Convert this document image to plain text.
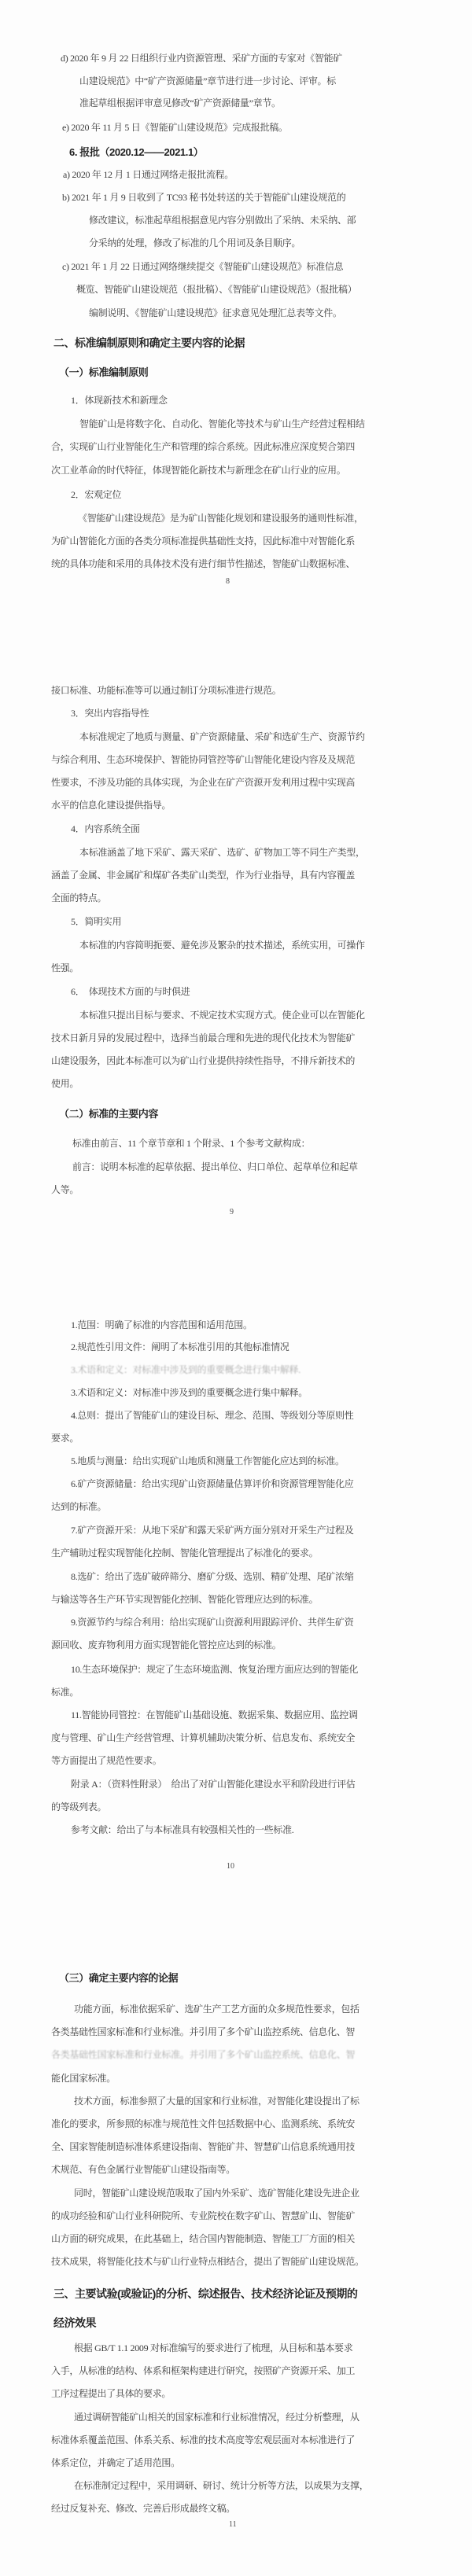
d) 2020 年 9 月 22 日组织行业内资源管理、采矿方面的专家对《智能矿
山建设规范》中“矿产资源储量”章节进行进一步讨论、评审。标
准起草组根据评审意见修改“矿产资源储量”章节。
e) 2020 年 11 月 5 日《智能矿山建设规范》完成报批稿。
6. 报批（2020.12——2021.1）
a) 2020 年 12 月 1 日通过网络走报批流程。
b) 2021 年 1 月 9 日收到了 TC93 秘书处转送的关于智能矿山建设规范的
修改建议，标准起草组根据意见内容分别做出了采纳、未采纳、部
分采纳的处理，修改了标准的几个用词及条目顺序。
c) 2021 年 1 月 22 日通过网络继续提交《智能矿山建设规范》标准信息
概览、智能矿山建设规范（报批稿）、《智能矿山建设规范》（报批稿）
编制说明、《智能矿山建设规范》征求意见处理汇总表等文件。
二、标准编制原则和确定主要内容的论据
（一）标准编制原则
1．体现新技术和新理念
智能矿山是将数字化、自动化、智能化等技术与矿山生产经营过程相结
合，实现矿山行业智能化生产和管理的综合系统。因此标准应深度契合第四
次工业革命的时代特征，体现智能化新技术与新理念在矿山行业的应用。
2．宏观定位
《智能矿山建设规范》是为矿山智能化规划和建设服务的通则性标准，
为矿山智能化方面的各类分项标准提供基础性支持，因此标准中对智能化系
统的具体功能和采用的具体技术没有进行细节性描述，智能矿山数据标准、
8
接口标准、功能标准等可以通过制订分项标准进行规范。
3．突出内容指导性
本标准规定了地质与测量、矿产资源储量、采矿和选矿生产、资源节约
与综合利用、生态环境保护、智能协同管控等矿山智能化建设内容及及规范
性要求，不涉及功能的具体实现，为企业在矿产资源开发利用过程中实现高
水平的信息化建设提供指导。
4．内容系统全面
本标准涵盖了地下采矿、露天采矿、选矿、矿物加工等不同生产类型，
涵盖了金属、非金属矿和煤矿各类矿山类型，作为行业指导，具有内容覆盖
全面的特点。
5．简明实用
本标准的内容简明扼要、避免涉及繁杂的技术描述，系统实用，可操作
性强。
6．  体现技术方面的与时俱进
本标准只提出目标与要求、不规定技术实现方式。使企业可以在智能化
技术日新月异的发展过程中，选择当前最合理和先进的现代化技术为智能矿
山建设服务，因此本标准可以为矿山行业提供持续性指导，不排斥新技术的
使用。
（二）标准的主要内容
标准由前言、11 个章节章和 1 个附录、1 个参考文献构成：
前言：说明本标准的起草依据、提出单位、归口单位、起草单位和起草
人等。
9
1.范围：明确了标准的内容范围和适用范围。
2.规范性引用文件：阐明了本标准引用的其他标准情况
3.术语和定义：对标准中涉及到的重要概念进行集中解释.
3.术语和定义：对标准中涉及到的重要概念进行集中解释。
4.总则：提出了智能矿山的建设目标、理念、范围、等级划分等原则性
要求。
5.地质与测量：给出实现矿山地质和测量工作智能化应达到的标准。
6.矿产资源储量：给出实现矿山资源储量估算评价和资源管理智能化应
达到的标准。
7.矿产资源开采：从地下采矿和露天采矿两方面分别对开采生产过程及
生产辅助过程实现智能化控制、智能化管理提出了标准化的要求。
8.选矿：给出了选矿破碎筛分、磨矿分级、选别、精矿处理、尾矿浓缩
与输送等各生产环节实现智能化控制、智能化管理应达到的标准。
9.资源节约与综合利用：给出实现矿山资源利用跟踪评价、共伴生矿资
源回收、废弃物利用方面实现智能化管控应达到的标准。
10.生态环境保护：规定了生态环境监测、恢复治理方面应达到的智能化
标准。
11.智能协同管控：在智能矿山基础设施、数据采集、数据应用、监控调
度与管理、矿山生产经营管理、计算机辅助决策分析、信息发布、系统安全
等方面提出了规范性要求。
附录 A：（资料性附录）  给出了对矿山智能化建设水平和阶段进行评估
的等级列表。
参考文献：给出了与本标准具有较强相关性的一些标准.
10
（三）确定主要内容的论据
功能方面，标准依据采矿、选矿生产工艺方面的众多规范性要求，包括
各类基础性国家标准和行业标准。并引用了多个矿山监控系统、信息化、智
各类基础性国家标准和行业标准。并引用了多个矿山监控系统、信息化、智
能化国家标准。
技术方面，标准参照了大量的国家和行业标准，对智能化建设提出了标
准化的要求，所参照的标准与规范性文件包括数据中心、监测系统、系统安
全、国家智能制造标准体系建设指南、智能矿井、智慧矿山信息系统通用技
术规范、有色金属行业智能矿山建设指南等。
同时，智能矿山建设规范吸取了国内外采矿、选矿智能化建设先进企业
的成功经验和矿山行业科研院所、专业院校在数字矿山、智慧矿山、智能矿
山方面的研究成果，在此基础上，结合国内智能制造、智能工厂方面的相关
技术成果，将智能化技术与矿山行业特点相结合，提出了智能矿山建设规范。
三、主要试验(或验证)的分析、综述报告、技术经济论证及预期的
经济效果
根据 GB/T 1.1 2009 对标准编写的要求进行了梳理，从目标和基本要求
入手，从标准的结构、体系和框架构建进行研究，按照矿产资源开采、加工
工序过程提出了具体的要求。
通过调研智能矿山相关的国家标准和行业标准情况，经过分析整理，从
标准体系覆盖范围、体系关系、标准的技术高度等宏观层面对本标准进行了
体系定位，并确定了适用范围。
在标准制定过程中，采用调研、研讨、统计分析等方法，以成果为支撑，
经过反复补充、修改、完善后形成最终文稿。
11
